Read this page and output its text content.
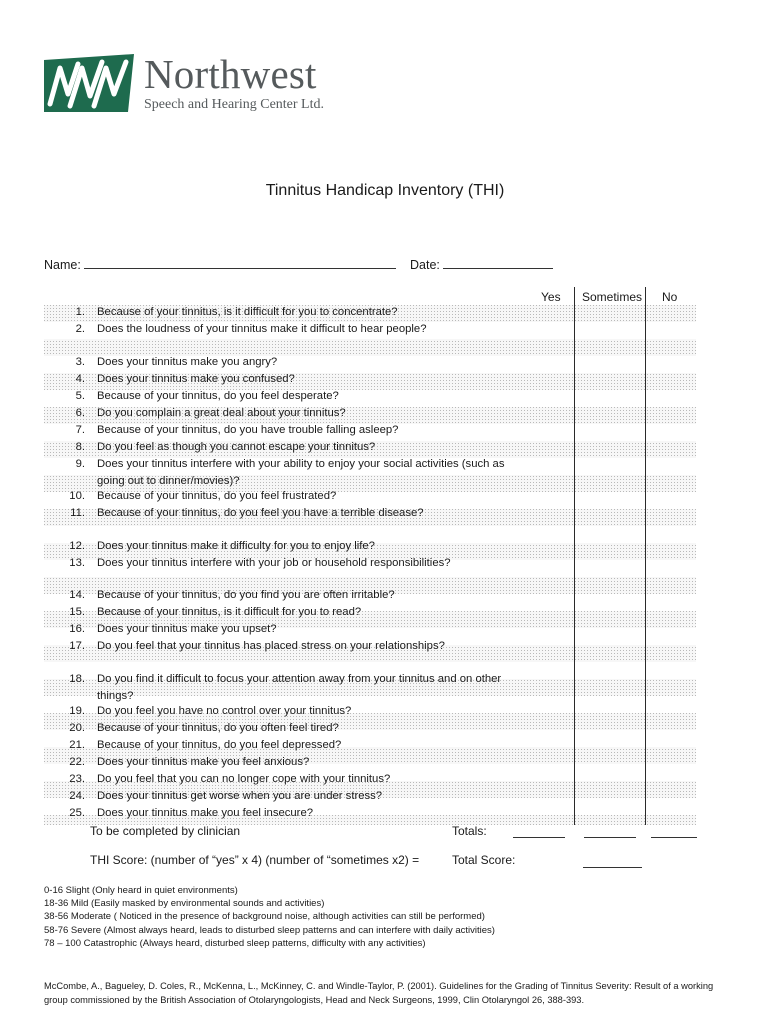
Northwest
Speech and Hearing Center Ltd.
Tinnitus Handicap Inventory (THI)
Name:	Date:
Yes Sometimes No
1. Because of your tinnitus, is it difficult for you to concentrate?
2. Does the loudness of your tinnitus make it difficult to hear people?
3. Does your tinnitus make you angry?
4. Does your tinnitus make you confused?
5. Because of your tinnitus, do you feel desperate?
6. Do you complain a great deal about your tinnitus?
7. Because of your tinnitus, do you have trouble falling asleep?
8. Do you feel as though you cannot escape your tinnitus?
9. Does your tinnitus interfere with your ability to enjoy your social activities (such as going out to dinner/movies)?
10. Because of your tinnitus, do you feel frustrated?
11. Because of your tinnitus, do you feel you have a terrible disease?
12. Does your tinnitus make it difficulty for you to enjoy life?
13. Does your tinnitus interfere with your job or household responsibilities?
14. Because of your tinnitus, do you find you are often irritable?
15. Because of your tinnitus, is it difficult for you to read?
16. Does your tinnitus make you upset?
17. Do you feel that your tinnitus has placed stress on your relationships?
18. Do you find it difficult to focus your attention away from your tinnitus and on other things?
19. Do you feel you have no control over your tinnitus?
20. Because of your tinnitus, do you often feel tired?
21. Because of your tinnitus, do you feel depressed?
22. Does your tinnitus make you feel anxious?
23. Do you feel that you can no longer cope with your tinnitus?
24. Does your tinnitus get worse when you are under stress?
25. Does your tinnitus make you feel insecure?
To be completed by clinician	Totals:
THI Score: (number of “yes” x 4) (number of “sometimes x2) =	Total Score:
0-16 Slight (Only heard in quiet environments)
18-36 Mild (Easily masked by environmental sounds and activities)
38-56 Moderate ( Noticed in the presence of background noise, although activities can still be performed)
58-76 Severe (Almost always heard, leads to disturbed sleep patterns and can interfere with daily activities)
78 – 100 Catastrophic (Always heard, disturbed sleep patterns, difficulty with any activities)
McCombe, A., Bagueley, D. Coles, R., McKenna, L., McKinney, C. and Windle-Taylor, P. (2001). Guidelines for the Grading of Tinnitus Severity: Result of a working group commissioned by the British Association of Otolaryngologists, Head and Neck Surgeons, 1999, Clin Otolaryngol 26, 388-393.
